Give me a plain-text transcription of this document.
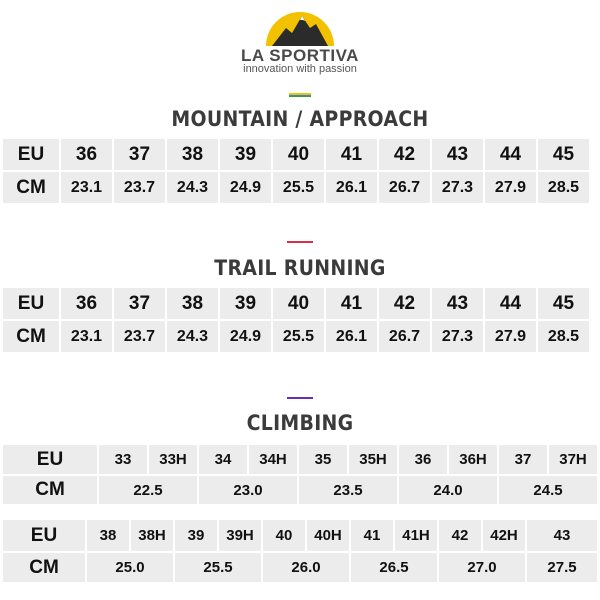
LA SPORTIVA
innovation with passion
MOUNTAIN / APPROACH
EU	36	37	38	39	40	41	42	43	44	45
CM	23.1	23.7	24.3	24.9	25.5	26.1	26.7	27.3	27.9	28.5
TRAIL RUNNING
EU	36	37	38	39	40	41	42	43	44	45
CM	23.1	23.7	24.3	24.9	25.5	26.1	26.7	27.3	27.9	28.5
CLIMBING
EU	33	33H	34	34H	35	35H	36	36H	37	37H
CM	22.5	23.0	23.5	24.0	24.5
EU	38	38H	39	39H	40	40H	41	41H	42	42H	43
CM	25.0	25.5	26.0	26.5	27.0	27.5
